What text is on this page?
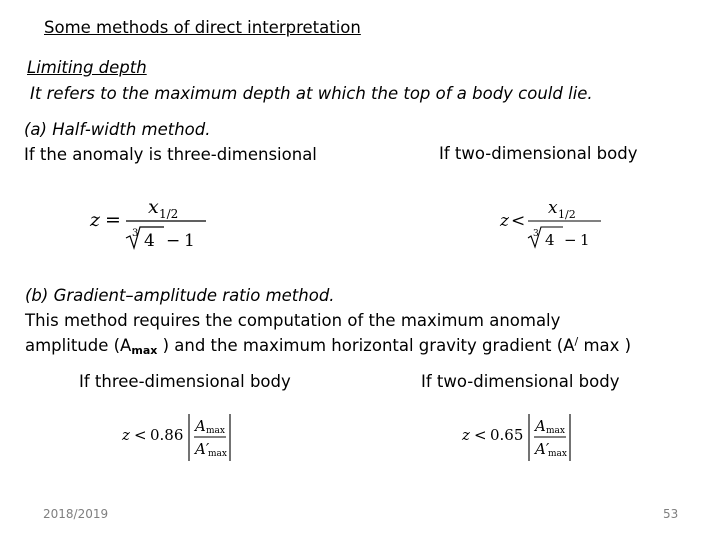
Some methods of direct interpretation
Limiting depth
It refers to the maximum depth at which the top of a body could lie.
(a) Half-width method.
If the anomaly is three-dimensional	If two-dimensional body
z =
x 1/2
3 4 − 1
z <
x 1/2
3 4 − 1
(b) Gradient–amplitude ratio method.
This method requires the computation of the maximum anomaly
amplitude ($A_{max}$ ) and the maximum horizontal gravity gradient (A/ max )
If three-dimensional body	If two-dimensional body
z < 0.86 A max
A′
max
z < 0.65 A max
A′
max
2018/2019	53
